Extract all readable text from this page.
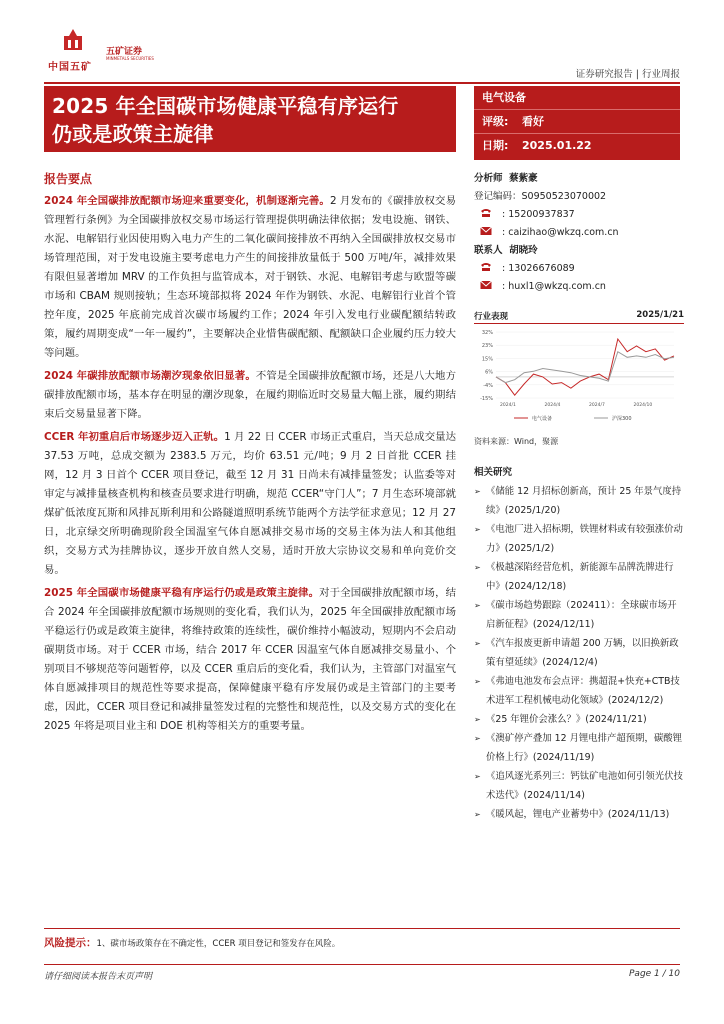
中国五矿
五矿证券
MINMETALS SECURITIES
证券研究报告 | 行业周报
2025 年全国碳市场健康平稳有序运行
仍或是政策主旋律
电气设备
评级: 看好
日期: 2025.01.22
报告要点

2024 年全国碳排放配额市场迎来重要变化，机制逐渐完善。2 月发布的《碳排放权交易管理暂行条例》为全国碳排放权交易市场运行管理提供明确法律依据；发电设施、钢铁、水泥、电解铝行业因使用购入电力产生的二氧化碳间接排放不再纳入全国碳排放权交易市场管理范围，对于发电设施主要考虑电力产生的间接排放量低于 500 万吨/年，减排效果有限但显著增加 MRV 的工作负担与监管成本，对于钢铁、水泥、电解铝考虑与欧盟等碳市场和 CBAM 规则接轨；生态环境部拟将 2024 年作为钢铁、水泥、电解铝行业首个管控年度，2025 年底前完成首次碳市场履约工作；2024 年引入发电行业碳配额结转政策，履约周期变成“一年一履约”，主要解决企业惜售碳配额、配额缺口企业履约压力较大等问题。

2024 年碳排放配额市场潮汐现象依旧显著。不管是全国碳排放配额市场，还是八大地方碳排放配额市场，基本存在明显的潮汐现象，在履约期临近时交易量大幅上涨，履约期结束后交易量显著下降。

CCER 年初重启后市场逐步迈入正轨。1 月 22 日 CCER 市场正式重启，当天总成交量达 37.53 万吨，总成交额为 2383.5 万元，均价 63.51 元/吨；9 月 2 日首批 CCER 挂网，12 月 3 日首个 CCER 项目登记，截至 12 月 31 日尚未有减排量签发；认监委等对审定与减排量核查机构和核查员要求进行明确，规范 CCER“守门人”；7 月生态环境部就煤矿低浓度瓦斯和风排瓦斯利用和公路隧道照明系统节能两个方法学征求意见；12 月 27 日，北京绿交所明确现阶段全国温室气体自愿减排交易市场的交易主体为法人和其他组织，交易方式为挂牌协议，逐步开放自然人交易，适时开放大宗协议交易和单向竞价交易。

2025 年全国碳市场健康平稳有序运行仍或是政策主旋律。对于全国碳排放配额市场，结合 2024 年全国碳排放配额市场规则的变化看，我们认为，2025 年全国碳排放配额市场平稳运行仍或是政策主旋律，将维持政策的连续性，碳价维持小幅波动，短期内不会启动碳期货市场。对于 CCER 市场，结合 2017 年 CCER 因温室气体自愿减排交易量小、个别项目不够规范等问题暂停，以及 CCER 重启后的变化看，我们认为，主管部门对温室气体自愿减排项目的规范性等要求提高，保障健康平稳有序发展仍或是主管部门的主要考虑，因此，CCER 项目登记和减排量签发过程的完整性和规范性，以及交易方式的变化在 2025 年将是项目业主和 DOE 机构等相关方的重要考量。

分析师 蔡紫豪
登记编码：S0950523070002
: 15200937837
: caizihao@wkzq.com.cn
联系人 胡晓玲
: 13026676089
: huxl1@wkzq.com.cn
行业表现	2025/1/21
32%
23%
15%
6%
-4%
-15%
2024/1	2024/4	2024/7	2024/10
电气设备	沪深300
资料来源：Wind，聚源
相关研究
➢ 《储能 12 月招标创新高，预计 25 年景气度持续》(2025/1/20)
➢ 《电池厂进入招标期，铁锂材料或有较强涨价动力》(2025/1/2)
➢ 《极越深陷经营危机，新能源车品牌洗牌进行中》(2024/12/18)
➢ 《碳市场趋势跟踪（202411）：全球碳市场开启新征程》(2024/12/11)
➢ 《汽车报废更新申请超 200 万辆，以旧换新政策有望延续》(2024/12/4)
➢ 《弗迪电池发布会点评：携超混+快充+CTB技术进军工程机械电动化领域》(2024/12/2)
➢ 《25 年锂价会涨么？》(2024/11/21)
➢ 《澳矿停产叠加 12 月锂电排产超预期，碳酸锂价格上行》(2024/11/19)
➢ 《追风逐光系列三：钙钛矿电池如何引领光伏技术迭代》(2024/11/14)
➢ 《暖风起，锂电产业蓄势中》(2024/11/13)
风险提示：1、碳市场政策存在不确定性，CCER 项目登记和签发存在风险。
请仔细阅读本报告末页声明	Page 1 / 10
